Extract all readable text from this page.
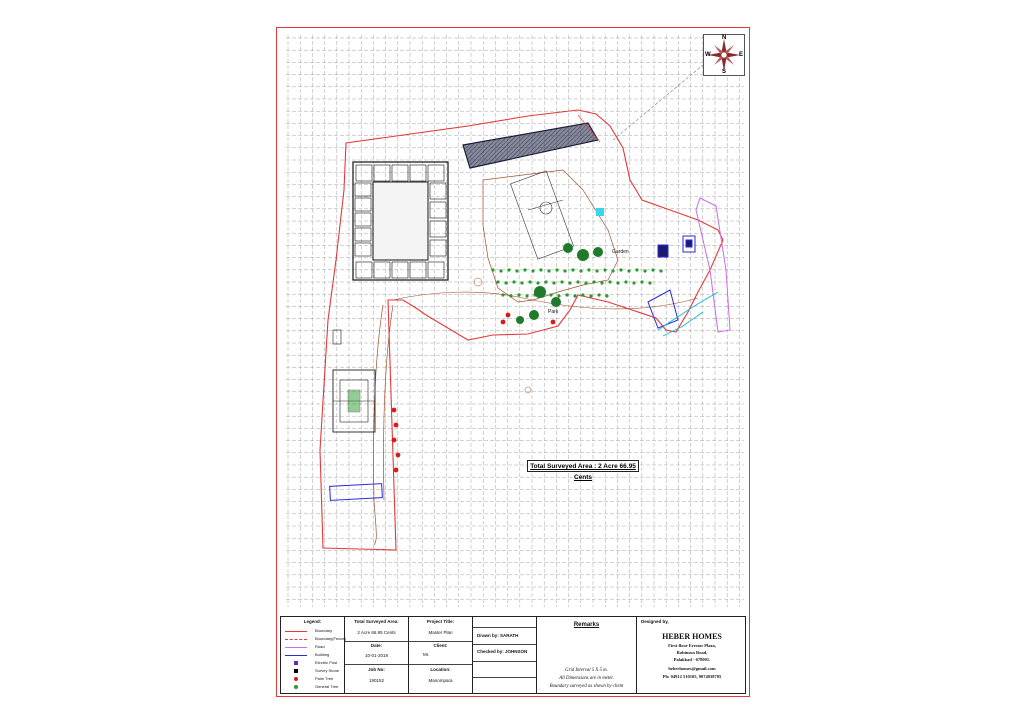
Garden
Park
N
S
W	E
Total Surveyed Area : 2 Acre 66.95 Cents
Legend:
Boundary
Boundary(Fence)
Road
Building
Electric Post
Survey Stone
Palm Tree
General Tree
Total Surveyed Area:
2 Acre 66.95 Cents
Date:
10-01-2019
Job No:
190152
Project Title:
Master Plan
Client:
Mr.
Location:
Manompara
Drawn by: SARATH
Checked by: JOHNSON
Remarks
Grid Interval 5 X 5 m.
All Dimensions are in meter.
Boundary surveyed as shown by client
Designed by,
HEBER HOMES
First floor Erestor Plaza,
Robinson Road,
Palakkad - 678001.
heberhomes@gmail.com
Ph: 04912 510105, 9074038705
